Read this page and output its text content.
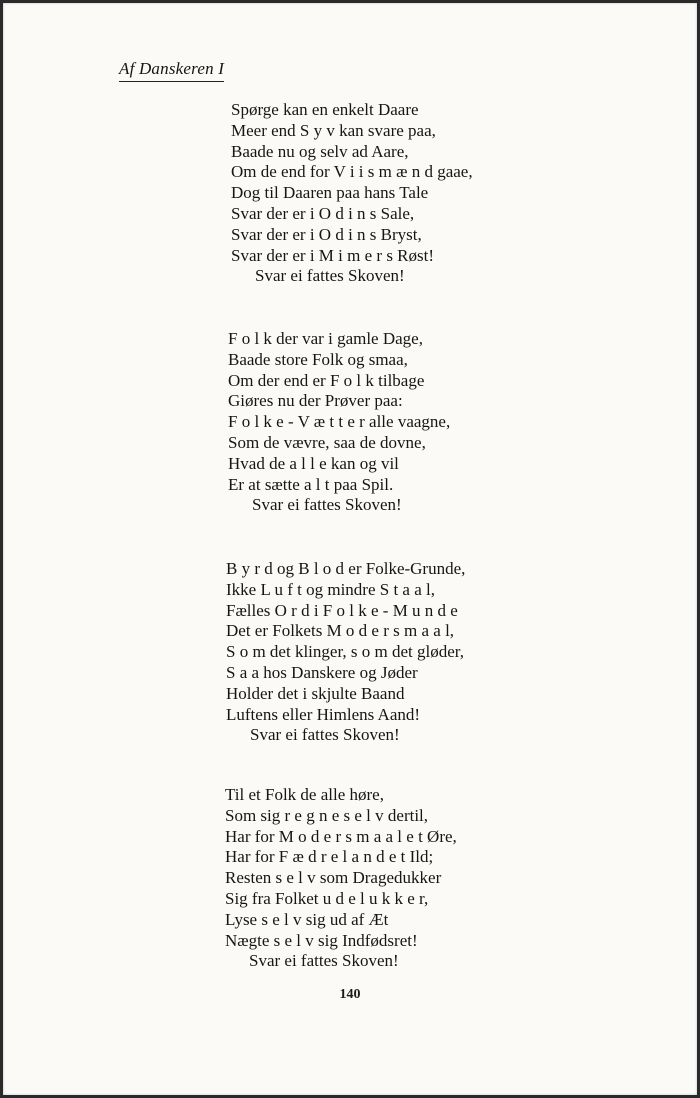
Af Danskeren I
Spørge kan en enkelt Daare
Meer end S y v kan svare paa,
Baade nu og selv ad Aare,
Om de end for V i i s m æ n d gaae,
Dog til Daaren paa hans Tale
Svar der er i O d i n s Sale,
Svar der er i O d i n s Bryst,
Svar der er i M i m e r s Røst!
Svar ei fattes Skoven!
F o l k der var i gamle Dage,
Baade store Folk og smaa,
Om der end er F o l k tilbage
Giøres nu der Prøver paa:
F o l k e - V æ t t e r alle vaagne,
Som de vævre, saa de dovne,
Hvad de a l l e kan og vil
Er at sætte a l t paa Spil.
Svar ei fattes Skoven!
B y r d og B l o d er Folke-Grunde,
Ikke L u f t og mindre S t a a l,
Fælles O r d i F o l k e - M u n d e
Det er Folkets M o d e r s m a a l,
S o m det klinger, s o m det gløder,
S a a hos Danskere og Jøder
Holder det i skjulte Baand
Luftens eller Himlens Aand!
Svar ei fattes Skoven!
Til et Folk de alle høre,
Som sig r e g n e s e l v dertil,
Har for M o d e r s m a a l e t Øre,
Har for F æ d r e l a n d e t Ild;
Resten s e l v som Dragedukker
Sig fra Folket u d e l u k k e r,
Lyse s e l v sig ud af Æt
Nægte s e l v sig Indfødsret!
Svar ei fattes Skoven!
140
